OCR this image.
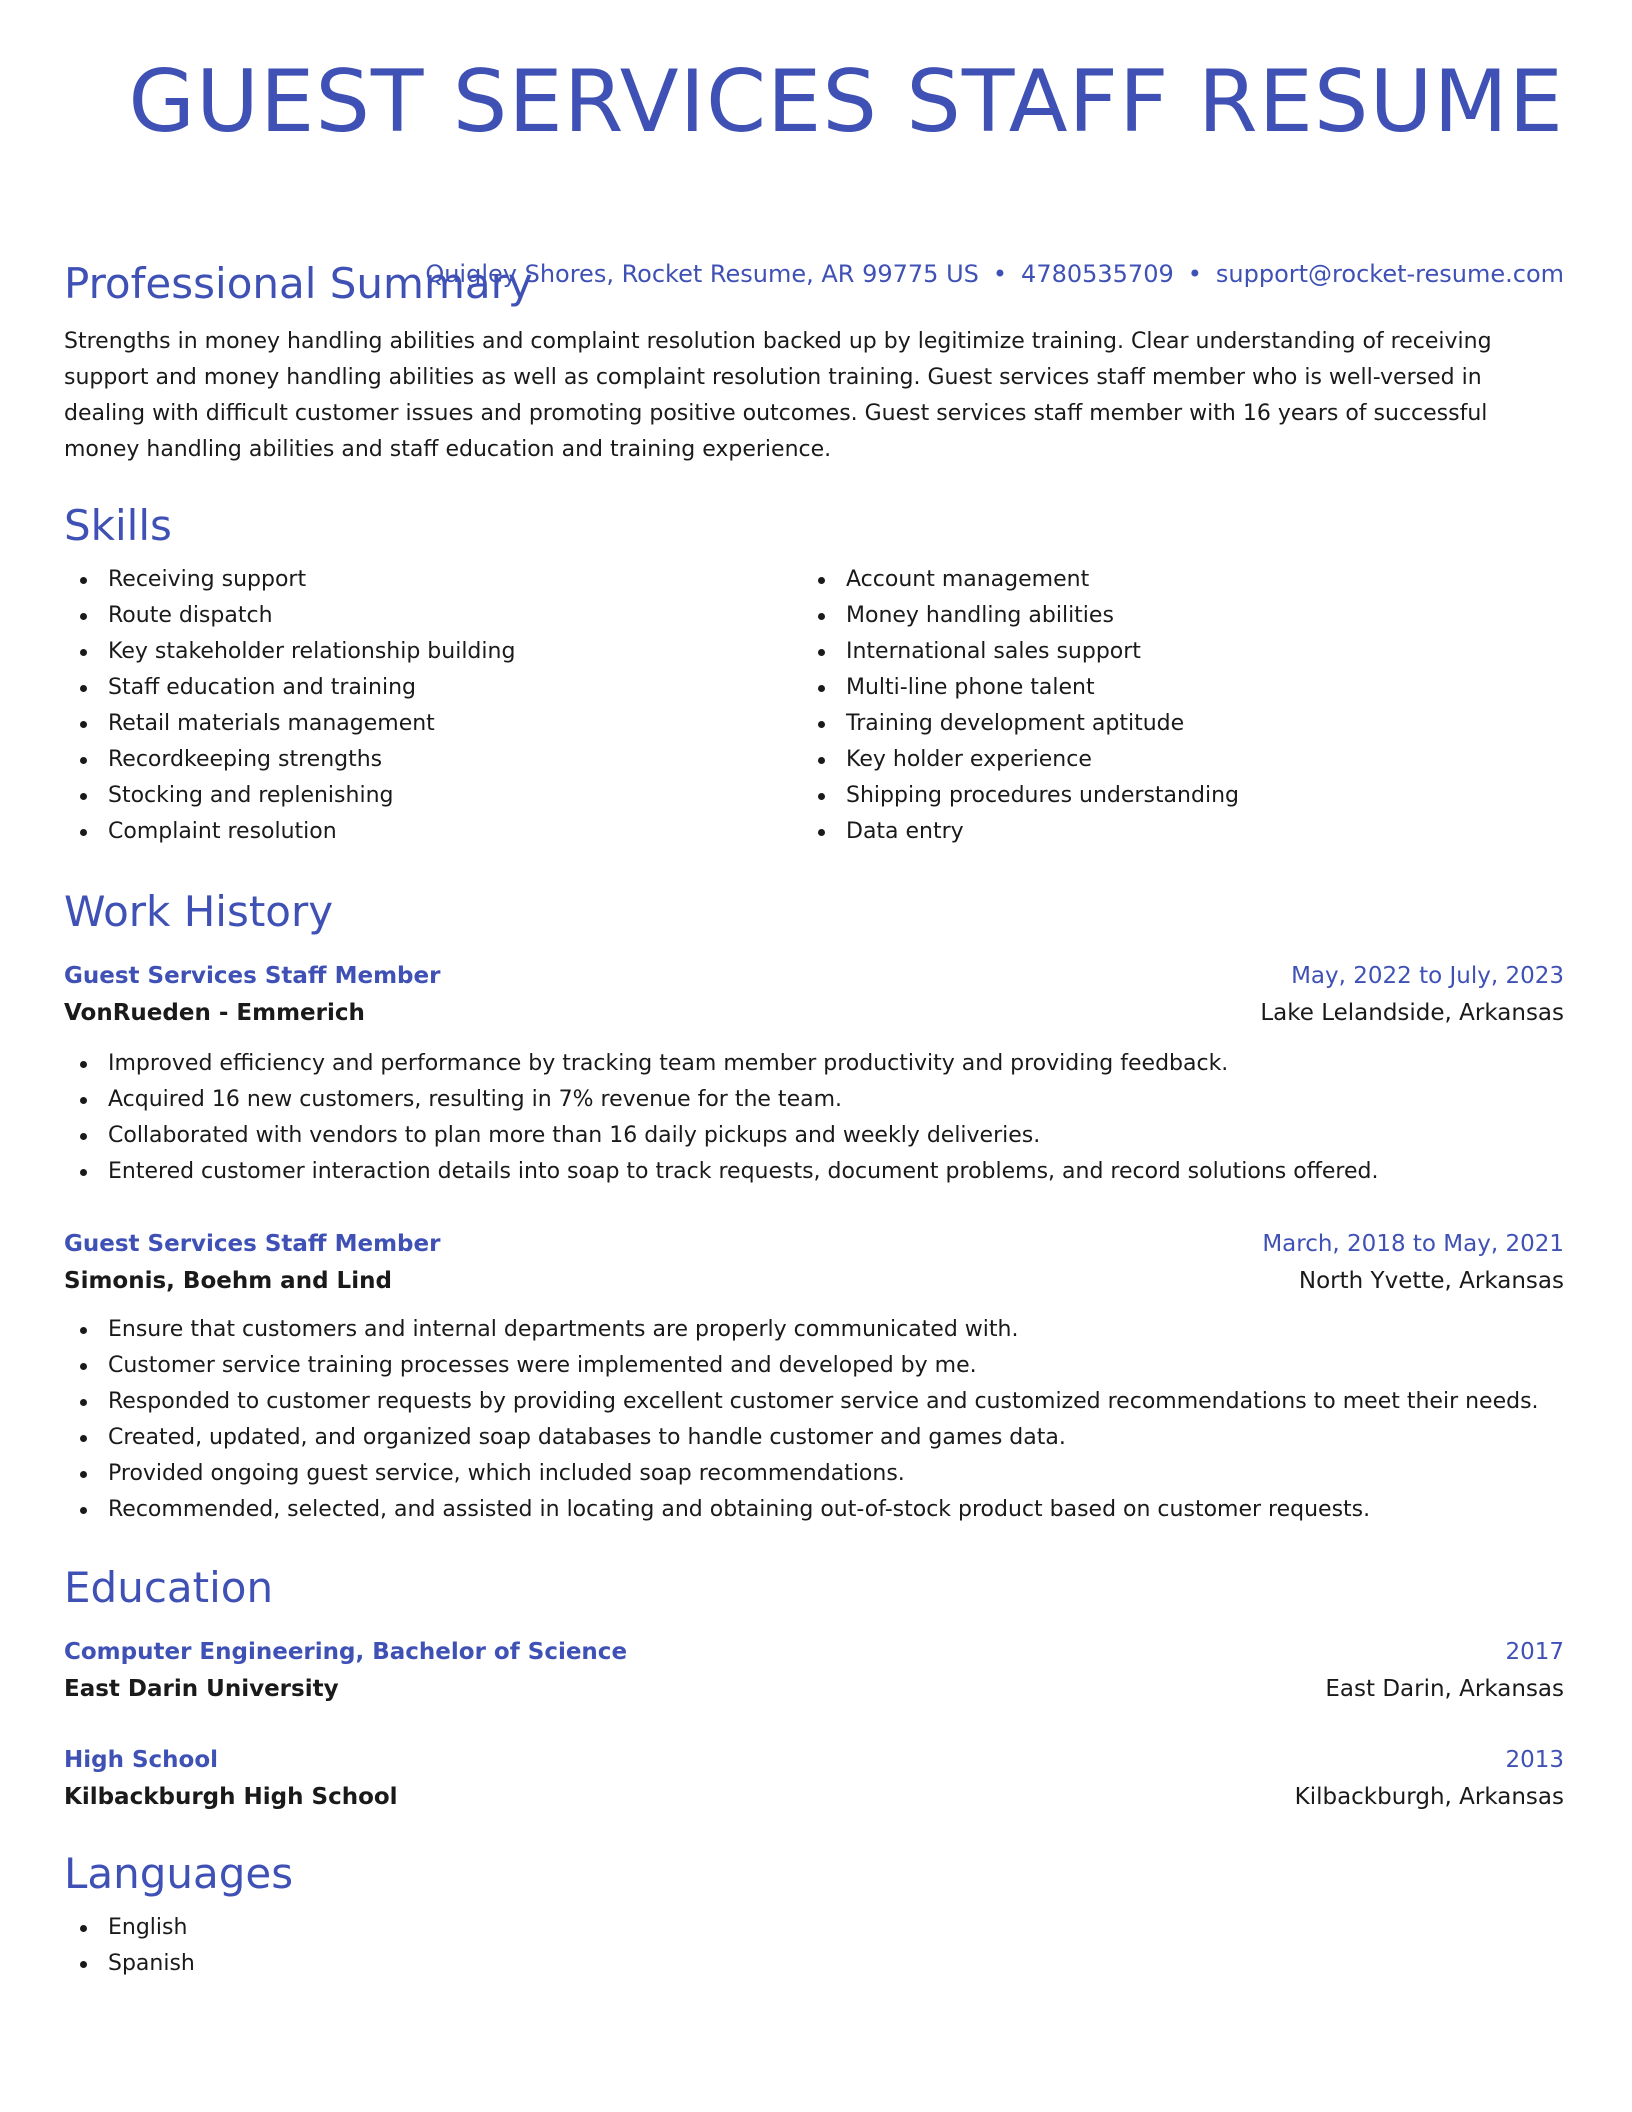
GUEST SERVICES STAFF RESUME
Quigley Shores, Rocket Resume, AR 99775 US • 4780535709 • support@rocket-resume.com
Professional Summary

Strengths in money handling abilities and complaint resolution backed up by legitimize training. Clear understanding of receiving support and money handling abilities as well as complaint resolution training. Guest services staff member who is well-versed in dealing with difficult customer issues and promoting positive outcomes. Guest services staff member with 16 years of successful money handling abilities and staff education and training experience.

Skills
Receiving support
Route dispatch
Key stakeholder relationship building
Staff education and training
Retail materials management
Recordkeeping strengths
Stocking and replenishing
Complaint resolution
Account management
Money handling abilities
International sales support
Multi-line phone talent
Training development aptitude
Key holder experience
Shipping procedures understanding
Data entry
Work History
Guest Services Staff Member	May, 2022 to July, 2023
VonRueden - Emmerich	Lake Lelandside, Arkansas
Improved efficiency and performance by tracking team member productivity and providing feedback.
Acquired 16 new customers, resulting in 7% revenue for the team.
Collaborated with vendors to plan more than 16 daily pickups and weekly deliveries.
Entered customer interaction details into soap to track requests, document problems, and record solutions offered.
Guest Services Staff Member	March, 2018 to May, 2021
Simonis, Boehm and Lind	North Yvette, Arkansas
Ensure that customers and internal departments are properly communicated with.
Customer service training processes were implemented and developed by me.
Responded to customer requests by providing excellent customer service and customized recommendations to meet their needs.
Created, updated, and organized soap databases to handle customer and games data.
Provided ongoing guest service, which included soap recommendations.
Recommended, selected, and assisted in locating and obtaining out-of-stock product based on customer requests.
Education
Computer Engineering, Bachelor of Science	2017
East Darin University	East Darin, Arkansas
High School	2013
Kilbackburgh High School	Kilbackburgh, Arkansas
Languages
English
Spanish
